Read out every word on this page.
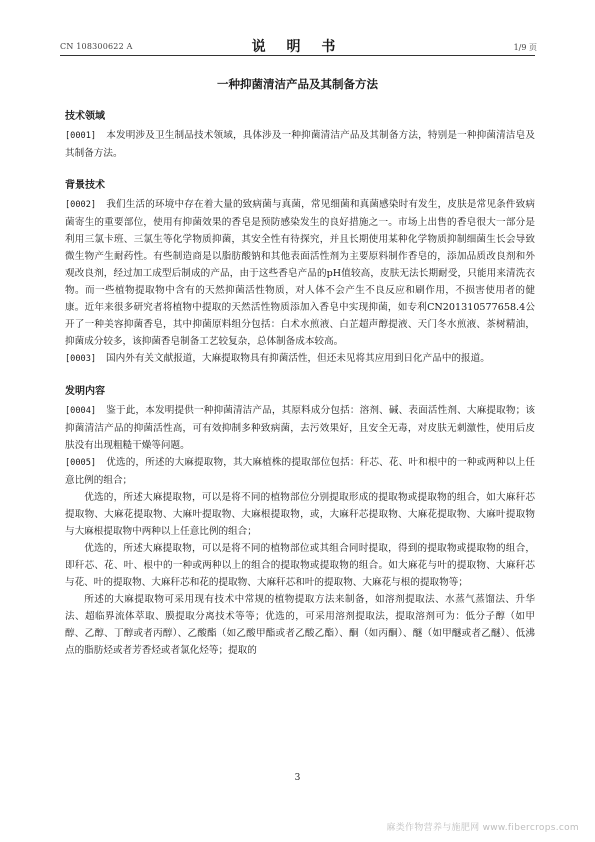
CN 108300622 A	说 明 书	1/9 页
一种抑菌清洁产品及其制备方法
技术领域

[0001] 本发明涉及卫生制品技术领域，具体涉及一种抑菌清洁产品及其制备方法，特别是一种抑菌清洁皂及其制备方法。

背景技术

[0002] 我们生活的环境中存在着大量的致病菌与真菌，常见细菌和真菌感染时有发生，皮肤是常见条件致病菌寄生的重要部位，使用有抑菌效果的香皂是预防感染发生的良好措施之一。市场上出售的香皂很大一部分是利用三氯卡班、三氯生等化学物质抑菌，其安全性有待探究，并且长期使用某种化学物质抑制细菌生长会导致微生物产生耐药性。有些制造商是以脂肪酸钠和其他表面活性剂为主要原料制作香皂的，添加品质改良剂和外观改良剂，经过加工成型后制成的产品，由于这些香皂产品的pH值较高，皮肤无法长期耐受，只能用来清洗衣物。而一些植物提取物中含有的天然抑菌活性物质，对人体不会产生不良反应和刷作用，不损害使用者的健康。近年来很多研究者将植物中提取的天然活性物质添加入香皂中实现抑菌，如专利CN201310577658.4公开了一种美容抑菌香皂，其中抑菌原料组分包括：白术水煎液、白芷超声醇提液、天门冬水煎液、茶树精油，抑菌成分较多，该抑菌香皂制备工艺较复杂，总体制备成本较高。

[0003] 国内外有关文献报道，大麻提取物具有抑菌活性，但还未见将其应用到日化产品中的报道。

发明内容

[0004] 鉴于此，本发明提供一种抑菌清洁产品，其原料成分包括：溶剂、碱、表面活性剂、大麻提取物；该抑菌清洁产品的抑菌活性高，可有效抑制多种致病菌，去污效果好，且安全无毒，对皮肤无刺激性，使用后皮肤没有出现粗糙干燥等问题。

[0005] 优选的，所述的大麻提取物，其大麻植株的提取部位包括：秆芯、花、叶和根中的一种或两种以上任意比例的组合；

优选的，所述大麻提取物，可以是将不同的植物部位分别提取形成的提取物或提取物的组合，如大麻秆芯提取物、大麻花提取物、大麻叶提取物、大麻根提取物，或，大麻秆芯提取物、大麻花提取物、大麻叶提取物与大麻根提取物中两种以上任意比例的组合；

优选的，所述大麻提取物，可以是将不同的植物部位或其组合同时提取，得到的提取物或提取物的组合，即秆芯、花、叶、根中的一种或两种以上的组合的提取物或提取物的组合。如大麻花与叶的提取物、大麻秆芯与花、叶的提取物、大麻秆芯和花的提取物、大麻秆芯和叶的提取物、大麻花与根的提取物等；

所述的大麻提取物可采用现有技术中常规的植物提取方法来制备，如溶剂提取法、水蒸气蒸馏法、升华法、超临界流体萃取、膜提取分离技术等等；优选的，可采用溶剂提取法，提取溶剂可为：低分子醇（如甲醇、乙醇、丁醇或者丙醇）、乙酸酯（如乙酸甲酯或者乙酸乙酯）、酮（如丙酮）、醚（如甲醚或者乙醚）、低沸点的脂肪烃或者芳香烃或者氯化烃等；提取的

3
麻类作物营养与施肥网 www.fibercrops.com
